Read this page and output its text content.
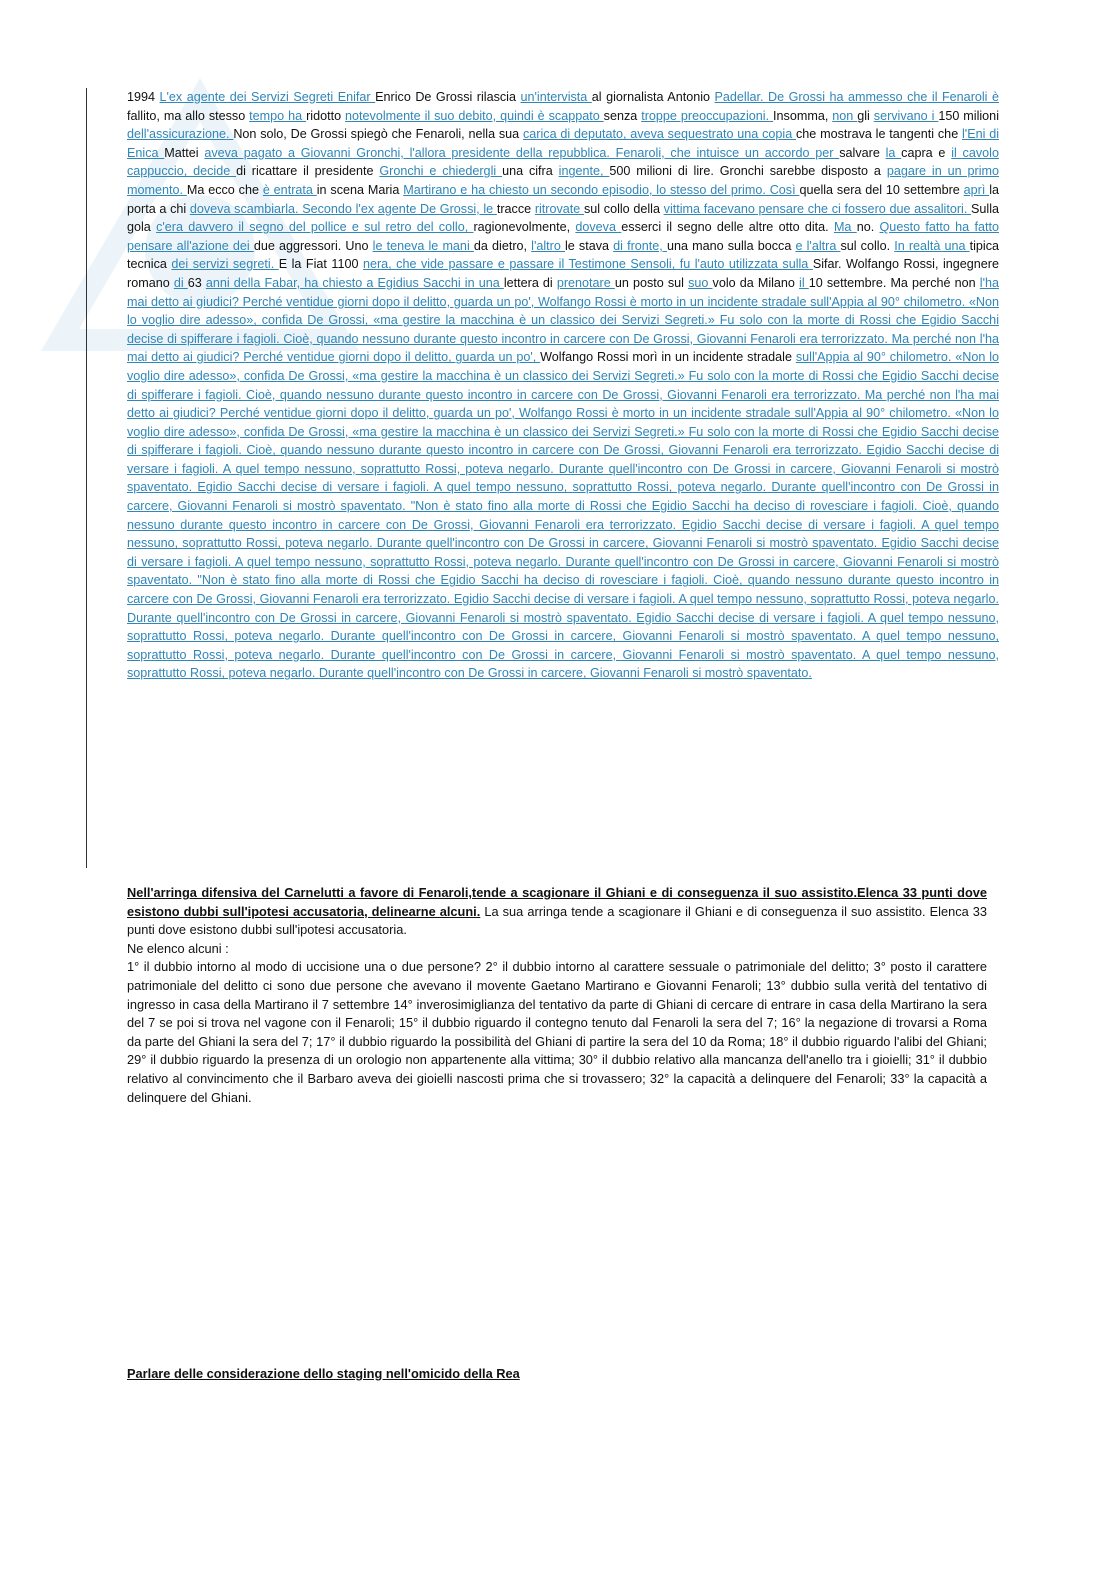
1994 L'ex agente dei Servizi Segreti Enifar Enrico De Grossi rilascia un'intervista al giornalista Antonio Padellar. De Grossi ha ammesso che il Fenaroli è fallito, ma allo stesso tempo ha ridotto notevolmente il suo debito, quindi è scappato senza troppe preoccupazioni. Insomma, non gli servivano i 150 milioni dell'assicurazione. Non solo, De Grossi spiegò che Fenaroli, nella sua carica di deputato, aveva sequestrato una copia che mostrava le tangenti che l'Eni di Enica Mattei aveva pagato a Giovanni Gronchi, l'allora presidente della repubblica. Fenaroli, che intuisce un accordo per salvare la capra e il cavolo cappuccio, decide di ricattare il presidente Gronchi e chiedergli una cifra ingente, 500 milioni di lire. Gronchi sarebbe disposto a pagare in un primo momento. Ma ecco che è entrata in scena Maria Martirano e ha chiesto un secondo episodio, lo stesso del primo. Così quella sera del 10 settembre aprì la porta a chi doveva scambiarla. Secondo l'ex agente De Grossi, le tracce ritrovate sul collo della vittima facevano pensare che ci fossero due assalitori. Sulla gola c'era davvero il segno del pollice e sul retro del collo, ragionevolmente, doveva esserci il segno delle altre otto dita. Ma no. Questo fatto ha fatto pensare all'azione dei due aggressori. Uno le teneva le mani da dietro, l'altro le stava di fronte, una mano sulla bocca e l'altra sul collo. In realtà una tipica tecnica dei servizi segreti. E la Fiat 1100 nera, che vide passare e passare il Testimone Sensoli, fu l'auto utilizzata sulla Sifar. Wolfango Rossi, ingegnere romano di 63 anni della Fabar, ha chiesto a Egidius Sacchi in una lettera di prenotare un posto sul suo volo da Milano il 10 settembre. Ma perché non l'ha mai detto ai giudici? Perché ventidue giorni dopo il delitto, guarda un po', Wolfango Rossi è morto in un incidente stradale sull'Appia al 90° chilometro. «Non lo voglio dire adesso», confida De Grossi, «ma gestire la macchina è un classico dei Servizi Segreti.» Fu solo con la morte di Rossi che Egidio Sacchi decise di spifferare i fagioli. Cioè, quando nessuno durante questo incontro in carcere con De Grossi, Giovanni Fenaroli era terrorizzato. Ma perché non l'ha mai detto ai giudici? Perché ventidue giorni dopo il delitto, guarda un po', Wolfango Rossi morì in un incidente stradale sull'Appia al 90° chilometro. «Non lo voglio dire adesso», confida De Grossi, «ma gestire la macchina è un classico dei Servizi Segreti.» Fu solo con la morte di Rossi che Egidio Sacchi decise di spifferare i fagioli. Cioè, quando nessuno durante questo incontro in carcere con De Grossi, Giovanni Fenaroli era terrorizzato. Ma perché non l'ha mai detto ai giudici? Perché ventidue giorni dopo il delitto, guarda un po', Wolfango Rossi è morto in un incidente stradale sull'Appia al 90° chilometro. «Non lo voglio dire adesso», confida De Grossi, «ma gestire la macchina è un classico dei Servizi Segreti.» Fu solo con la morte di Rossi che Egidio Sacchi decise di spifferare i fagioli. Cioè, quando nessuno durante questo incontro in carcere con De Grossi, Giovanni Fenaroli era terrorizzato. Egidio Sacchi decise di versare i fagioli. A quel tempo nessuno, soprattutto Rossi, poteva negarlo. Durante quell'incontro con De Grossi in carcere, Giovanni Fenaroli si mostrò spaventato. Egidio Sacchi decise di versare i fagioli. A quel tempo nessuno, soprattutto Rossi, poteva negarlo. Durante quell'incontro con De Grossi in carcere, Giovanni Fenaroli si mostrò spaventato. "Non è stato fino alla morte di Rossi che Egidio Sacchi ha deciso di rovesciare i fagioli. Cioè, quando nessuno durante questo incontro in carcere con De Grossi, Giovanni Fenaroli era terrorizzato. Egidio Sacchi decise di versare i fagioli. A quel tempo nessuno, soprattutto Rossi, poteva negarlo. Durante quell'incontro con De Grossi in carcere, Giovanni Fenaroli si mostrò spaventato. Egidio Sacchi decise di versare i fagioli. A quel tempo nessuno, soprattutto Rossi, poteva negarlo. Durante quell'incontro con De Grossi in carcere, Giovanni Fenaroli si mostrò spaventato. "Non è stato fino alla morte di Rossi che Egidio Sacchi ha deciso di rovesciare i fagioli. Cioè, quando nessuno durante questo incontro in carcere con De Grossi, Giovanni Fenaroli era terrorizzato. Egidio Sacchi decise di versare i fagioli. A quel tempo nessuno, soprattutto Rossi, poteva negarlo. Durante quell'incontro con De Grossi in carcere, Giovanni Fenaroli si mostrò spaventato. Egidio Sacchi decise di versare i fagioli. A quel tempo nessuno, soprattutto Rossi, poteva negarlo. Durante quell'incontro con De Grossi in carcere, Giovanni Fenaroli si mostrò spaventato. A quel tempo nessuno, soprattutto Rossi, poteva negarlo. Durante quell'incontro con De Grossi in carcere, Giovanni Fenaroli si mostrò spaventato. A quel tempo nessuno, soprattutto Rossi, poteva negarlo. Durante quell'incontro con De Grossi in carcere, Giovanni Fenaroli si mostrò spaventato.
Nell'arringa difensiva del Carnelutti a favore di Fenaroli,tende a scagionare il Ghiani e di conseguenza il suo assistito.Elenca 33 punti dove esistono dubbi sull'ipotesi accusatoria, delinearne alcuni. La sua arringa tende a scagionare il Ghiani e di conseguenza il suo assistito. Elenca 33 punti dove esistono dubbi sull'ipotesi accusatoria.
Ne elenco alcuni :
1° il dubbio intorno al modo di uccisione una o due persone? 2° il dubbio intorno al carattere sessuale o patrimoniale del delitto; 3° posto il carattere patrimoniale del delitto ci sono due persone che avevano il movente Gaetano Martirano e Giovanni Fenaroli; 13° dubbio sulla verità del tentativo di ingresso in casa della Martirano il 7 settembre 14° inverosimiglianza del tentativo da parte di Ghiani di cercare di entrare in casa della Martirano la sera del 7 se poi si trova nel vagone con il Fenaroli; 15° il dubbio riguardo il contegno tenuto dal Fenaroli la sera del 7; 16° la negazione di trovarsi a Roma da parte del Ghiani la sera del 7; 17° il dubbio riguardo la possibilità del Ghiani di partire la sera del 10 da Roma; 18° il dubbio riguardo l'alibi del Ghiani; 29° il dubbio riguardo la presenza di un orologio non appartenente alla vittima; 30° il dubbio relativo alla mancanza dell'anello tra i gioielli; 31° il dubbio relativo al convincimento che il Barbaro aveva dei gioielli nascosti prima che si trovassero; 32° la capacità a delinquere del Fenaroli; 33° la capacità a delinquere del Ghiani.
Parlare delle considerazione dello staging nell'omicido della Rea
